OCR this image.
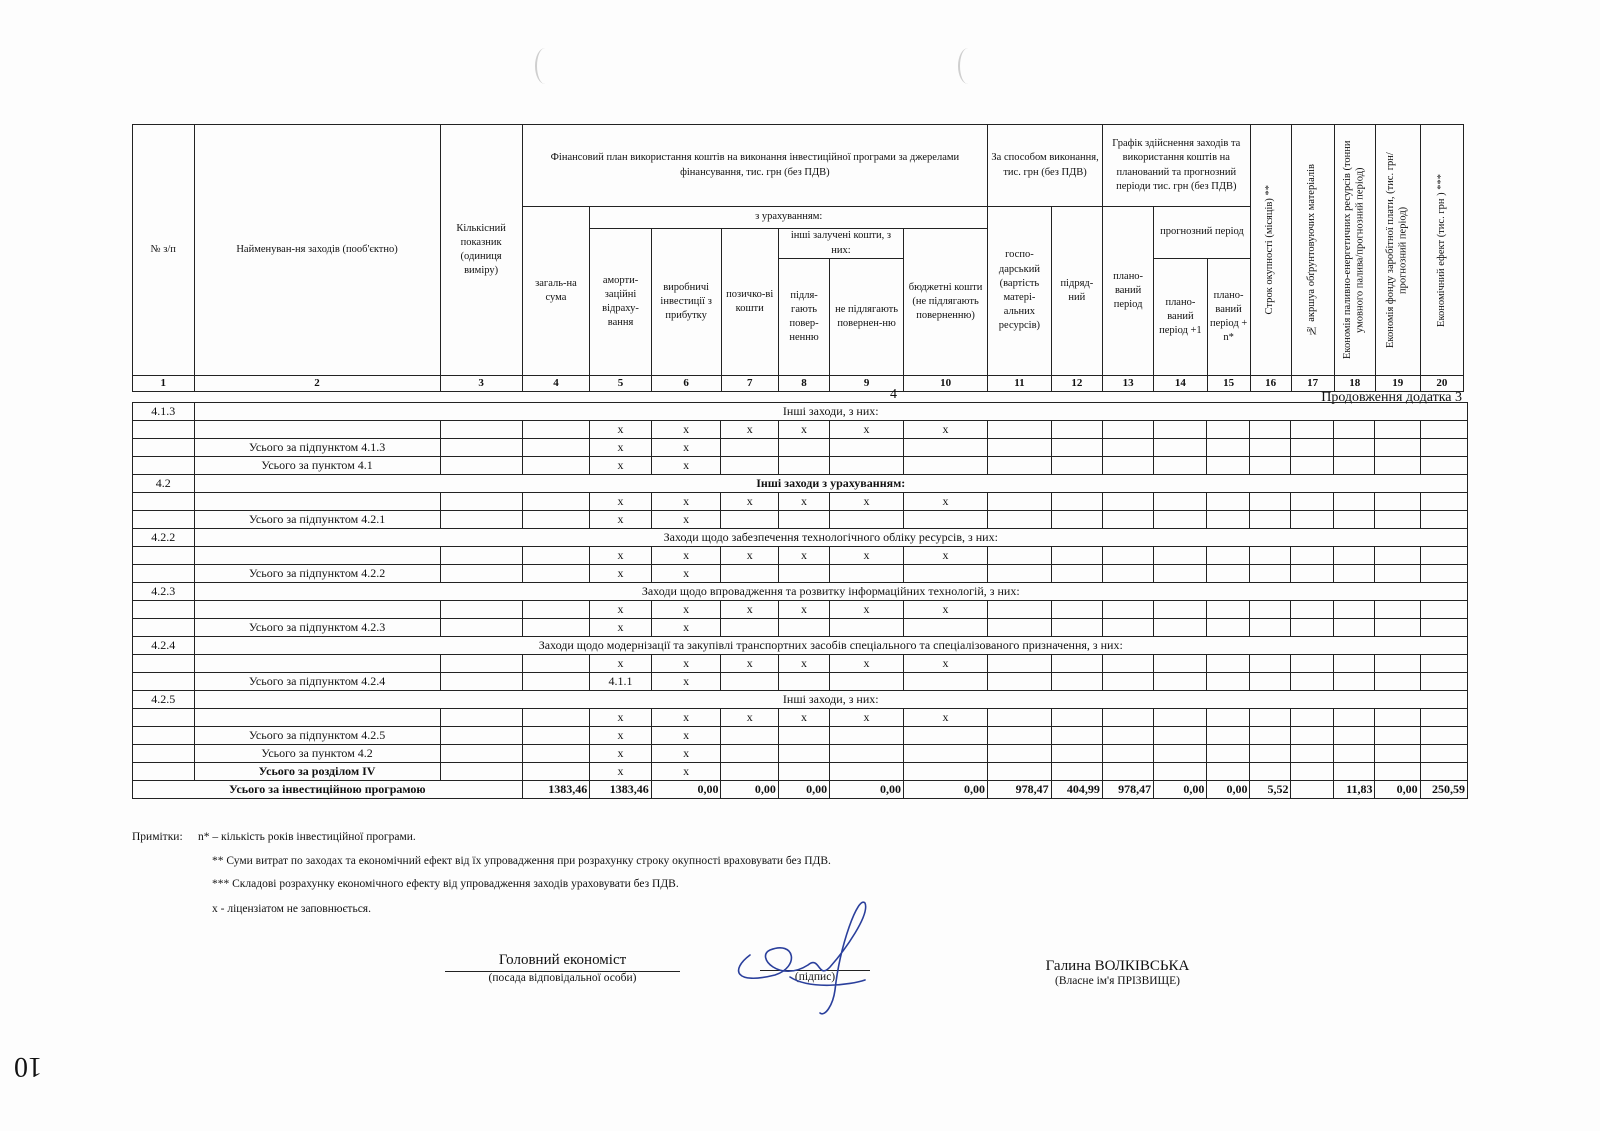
№ з/п	Найменуван-ня заходів (пооб'єктно)	Кількісний показник (одиниця виміру)	Фінансовий план використання коштів на виконання інвестиційної програми за джерелами фінансування, тис. грн (без ПДВ)							За способом виконання, тис. грн (без ПДВ)		Графік здійснення заходів та використання коштів на планований та прогнозний періоди тис. грн (без ПДВ)			Строк окупності (місяців) **	№ акршуа обґрунтовуючих матеріалів	Економія паливно-енергетичних ресурсів (тонни умовного палива/прогнозний період)	Економія фонду заробітної плати, (тис. грн/прогнозний період)	Економічний ефект (тис. грн ) ***

			загаль-на сума	з урахуванням:						госпо-дарський (вартість матері-альних ресурсів)	підряд-ний	плано-ваний період	прогнозний період						
				аморти-заційні відраху-вання	виробничі інвестиції з прибутку	позичко-ві кошти	інші залучені кошти, з них:		бюджетні кошти (не підлягають поверненню)										
							підля-гають повер-ненню	не підлягають повернен-ню					плано-ваний період +1	плано-ваний період + n*					
1	2	3	4	5	6	7	8	9	10	11	12	13	14	15	16	17	18	19	20
4	Продовження додатка 3
4.1.3	Інші заходи, з них:																		
				х	х	х	х	х	х										
	Усього за підпунктом 4.1.3			х	х														
	Усього за пунктом 4.1			х	х														
4.2	Інші заходи з урахуванням:																		
				х	х	х	х	х	х										
	Усього за підпунктом 4.2.1			х	х														
4.2.2	Заходи щодо забезпечення технологічного обліку ресурсів, з них:																		
				х	х	х	х	х	х										
	Усього за підпунктом 4.2.2			х	х														
4.2.3	Заходи щодо впровадження та розвитку інформаційних технологій, з них:																		
				х	х	х	х	х	х										
	Усього за підпунктом 4.2.3			х	х														
4.2.4	Заходи щодо модернізації та закупівлі транспортних засобів спеціального та спеціалізованого призначення, з них:																		
				х	х	х	х	х	х										
	Усього за підпунктом 4.2.4			4.1.1	х														
4.2.5	Інші заходи, з них:																		
				х	х	х	х	х	х										
	Усього за підпунктом 4.2.5			х	х														
	Усього за пунктом 4.2			х	х														
	Усього за розділом IV			х	х														
Усього за інвестиційною програмою			1383,46	1383,46	0,00	0,00	0,00	0,00	0,00	978,47	404,99	978,47	0,00	0,00	5,52		11,83	0,00	250,59
Примітки: n* – кількість років інвестиційної програми.
** Суми витрат по заходах та економічний ефект від їх упровадження при розрахунку строку окупності враховувати без ПДВ.
*** Складові розрахунку економічного ефекту від упровадження заходів ураховувати без ПДВ.
х - ліцензіатом не заповнюється.
Головний економіст
(посада відповідальної особи)	(підпис)
Галина ВОЛКІВСЬКА
(Власне ім'я ПРІЗВИЩЕ)
10
